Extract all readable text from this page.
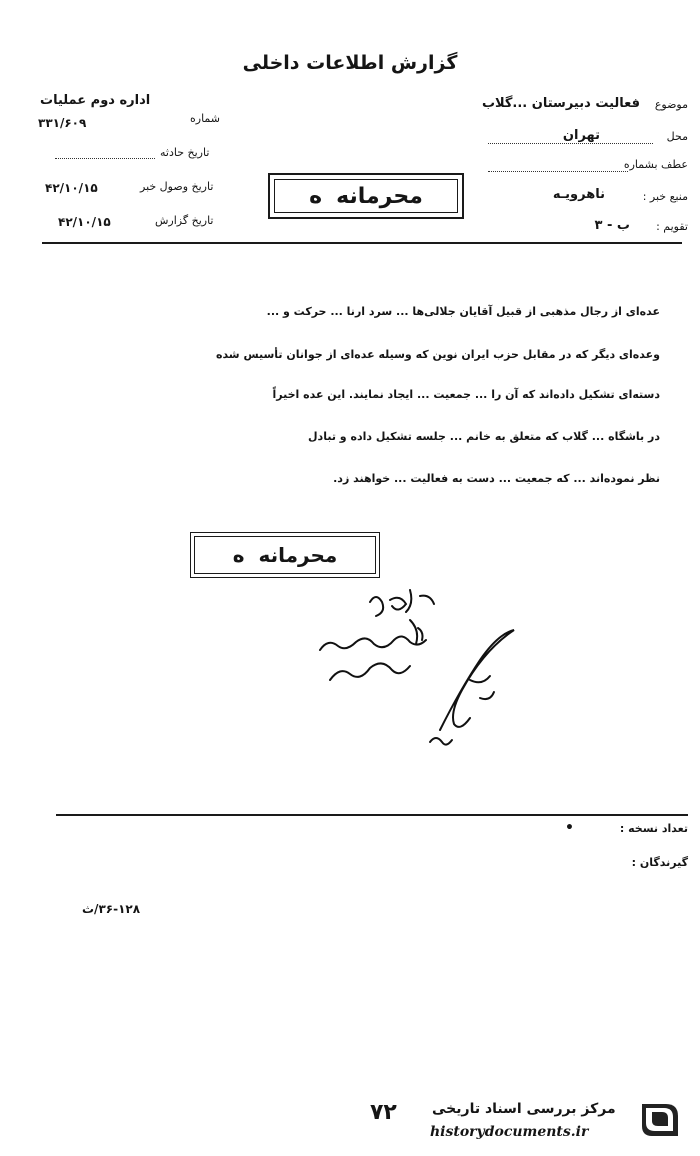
گزارش اطلاعات داخلی
موضوع
فعالیت دبیرستان ...گلاب
محل
تهران
عطف بشماره
منبع خبر :
ناهرویـه
تقویم :
ب - ۳
اداره دوم عملیات
شماره
۳۳۱/۶۰۹
تاریخ حادثه
تاریخ وصول خبر
۴۲/۱۰/۱۵
تاریخ گزارش
۴۲/۱۰/۱۵
محرمانه
ه
عده‌ای از رجال مذهبی از قبیل آقایان جلالی‌ها ... سرد ارنا ... حرکت و ...
وعده‌ای دیگر که در مقابل حزب ایران نوین که وسیله عده‌ای از جوانان تأسیس شده
دسته‌ای تشکیل داده‌اند که آن را ... جمعیت ... ایجاد نمایند. این عده اخیراً
در باشگاه ... گلاب که متعلق به خانم ... جلسه تشکیل داده و تبادل
نظر نموده‌اند ... که جمعیت ... دست به فعالیت ... خواهند زد.
محرمانه
ه
تعداد نسخه :
•
گیرندگان :
۳۶-۱۲۸/ث
۷۲	مرکز بررسی اسناد تاریخی
historydocuments.ir
